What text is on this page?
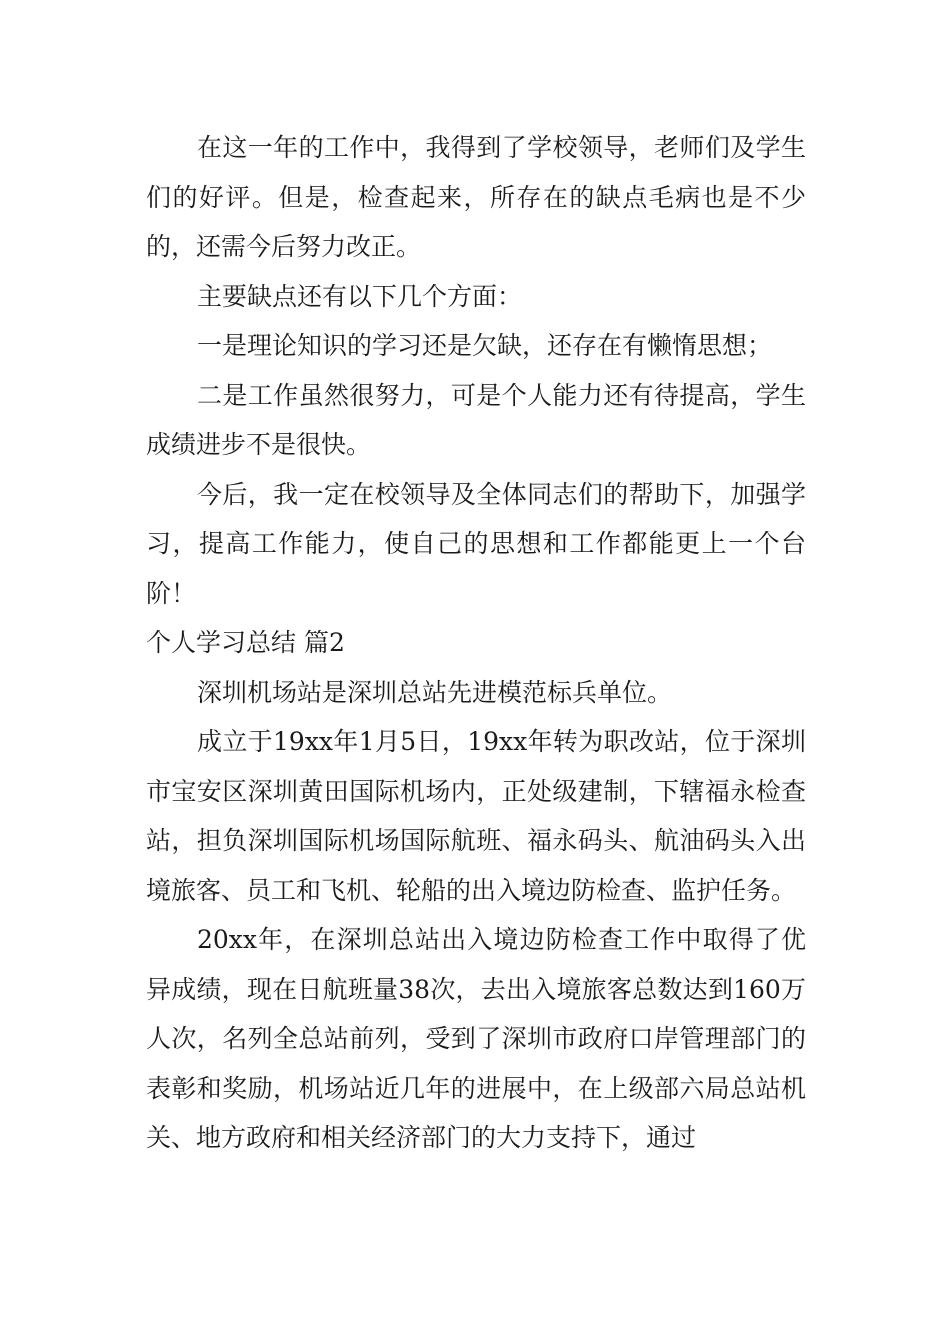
在这一年的工作中，我得到了学校领导，老师们及学生们的好评。但是，检查起来，所存在的缺点毛病也是不少的，还需今后努力改正。

主要缺点还有以下几个方面：

一是理论知识的学习还是欠缺，还存在有懒惰思想；

二是工作虽然很努力，可是个人能力还有待提高，学生成绩进步不是很快。

今后，我一定在校领导及全体同志们的帮助下，加强学习，提高工作能力，使自己的思想和工作都能更上一个台阶！

个人学习总结 篇2

深圳机场站是深圳总站先进模范标兵单位。

成立于19xx年1月5日，19xx年转为职改站，位于深圳市宝安区深圳黄田国际机场内，正处级建制，下辖福永检查站，担负深圳国际机场国际航班、福永码头、航油码头入出境旅客、员工和飞机、轮船的出入境边防检查、监护任务。

20xx年，在深圳总站出入境边防检查工作中取得了优异成绩，现在日航班量38次，去出入境旅客总数达到160万人次，名列全总站前列，受到了深圳市政府口岸管理部门的表彰和奖励，机场站近几年的进展中，在上级部六局总站机关、地方政府和相关经济部门的大力支持下，通过
